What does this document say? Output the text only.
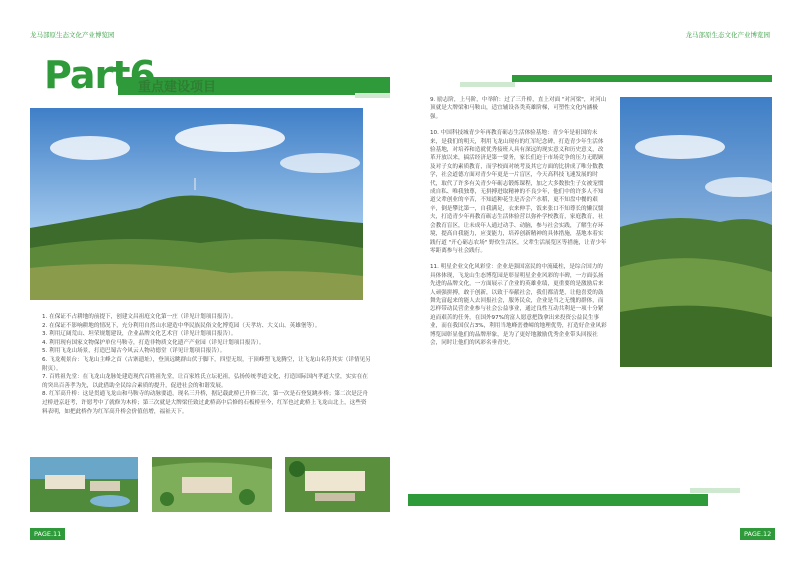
龙马部原生态文化产业博览园	龙马部原生态文化产业博览园
Part6
重点建设项目
1. 在保证不占耕地的前提下，创建文昌祖庭文化第一庄（详见计划项目报告）。
2. 在保证不影响耕地的情况下，充分利用自然山水建造中华民族民俗文化博览园（天孝坊、大义山、英雄堡等）。
3. 利用辽阔荒山、坦荣规划建设，企业品牌文化艺术宫（详见计划项目报告）。
4. 利用现有国家文物保护单位马鞍寺，打造非物质文化遗产产业园（详见计划项目报告）。
5. 利用飞龙山场景，打造巴蜀古今风云人物功德堂（详见计划项目报告）。
6. 飞龙观景台：飞龙山主峰之首（古寨遗址），登顶远眺群山伏于脚下，四望无垠，于顶峰塑飞龙腾空，让飞龙山名符其实（详情见另附页）。
7. 百姓祖先堂：在飞龙山龙脉处建造现代百姓祖先堂，让百家姓氏立坛祀祖，弘扬传统孝道文化，打造国际国内孝道大堂，实实在在的突出百善孝为先，以此借助全民综合素质的提升，促进社会的和谐发展。
8. 红军高升桥：这是贯通飞龙山和马鞍寺的动脉要道，现名三升桥，据记载此桥已升修三次，第一次是石登复跳步桥；第二次是泛舟过桥进京赶考，许愿考中了就修为木桥；第三次就是大牌梁任致过此桥高中后修的石板桥至今，红军也过此桥上飞龙山北上，这些资料表明，如把此桥作为红军高升桥会价值倍增，福祉天下。
PAGE.11

9. 励志阶，上马阶，中举阶：过了三升桥，直上对面 "对河梁"，对河山顶就是大牌梁和马鞍山，适宜辅设各类英雄阶梯，可塑性文化内涵极强。

10. 中国科技城青少年再教育砺志生活体验基地：青少年是祖国的未来，是我们的明天，利用飞龙山现有的红军纪念碑，打造青少年生活体验基地，对培养和造就优秀接班人具有深远的现实意义和历史意义，改革开放以来，搞活经济是第一要务，家长们迫于市场竞争的压力无暇顾及对子女的素质教育，而学校面对统考及其它方面的比拼成了唯分数教学，社会道德方面对青少年更是一片盲区，今天高科技飞速发展的时代，取代了许多有关青少年砺志锻炼课程，加之大多数独生子女被宠惯成自私、唯我独尊，无拼搏进取精神的不良少年，他们中的许多人不知道父辈创业的辛苦，不知道种花生是否会产水稻，更不知盘中餐的艰辛，倒是攀比第一，自我满足，衣来伸手，饭来张口不知尊长的懒汉懦夫，打造青少年再教育砺志生活体验营以弥补学校教育，家庭教育，社会教育盲区，让未成年人通过动手、动脑，参与社会实践，了解生存环境，提高自我能力，应变能力，培养创新精神的具体措施，基地本着实践行道 "开心砺志农场" 野炊生活区，父辈生活展览区等措施，让青少年零距离参与社会践行。

11. 明星企业文化风彩堂：企业是强国富民的中流砥柱，是综合国力的具体体现，飞龙山生态博览园是彰显明星企业风彩的丰碑，一方面弘扬先进的品牌文化，一方面展示了企业的英雄业绩，更重要的是激励后来人顽强拼搏，敢于创新，以致于奉献社会，我们都清楚，让他喜爱的鼓舞先富起来的能人去回报社会，服务民众，企业是当之无愧的群体，而怎样带动民营企业参与社会公益事业，通过良性互动共利是一项十分紧迫而艰苦的任务，在国外97%的富人愿意把钱拿出来投资公益民生事业，而在我国仅占3%，利用当地峰峦叠嶂的地理优势，打造好企业风彩博览园彰显他们的品牌形象，是为了更好地激励优秀企业带头回报社会，同时让他们的风彩名垂青史。

PAGE.12
